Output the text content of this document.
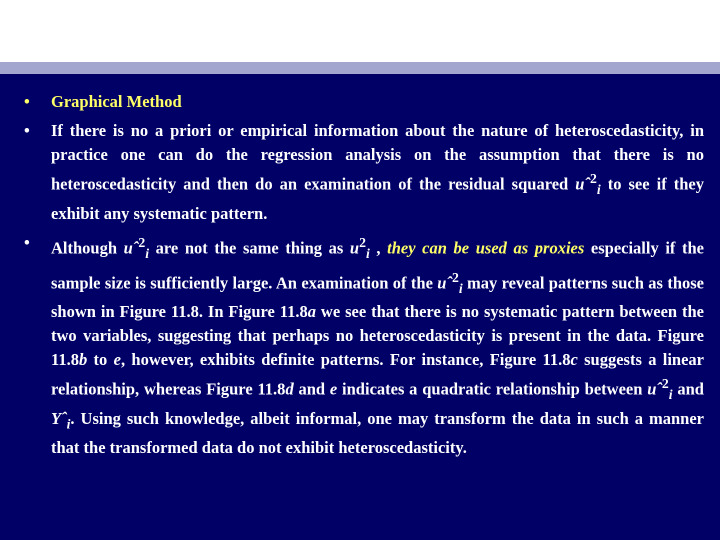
• Graphical Method
• If there is no a priori or empirical information about the nature of heteroscedasticity, in practice one can do the regression analysis on the assumption that there is no heteroscedasticity and then do an examination of the residual squared uˆ$^2_i$ to see if they exhibit any systematic pattern.
• Although uˆ$^2_i$ are not the same thing as $u^2_i$ , they can be used as proxies especially if the sample size is sufficiently large. An examination of the uˆ$^2_i$ may reveal patterns such as those shown in Figure 11.8. In Figure 11.8a we see that there is no systematic pattern between the two variables, suggesting that perhaps no heteroscedasticity is present in the data. Figure 11.8b to e, however, exhibits definite patterns. For instance, Figure 11.8c suggests a linear relationship, whereas Figure 11.8d and e indicates a quadratic relationship between uˆ$^2_i$ and Yˆ$_i$. Using such knowledge, albeit informal, one may transform the data in such a manner that the transformed data do not exhibit heteroscedasticity.
